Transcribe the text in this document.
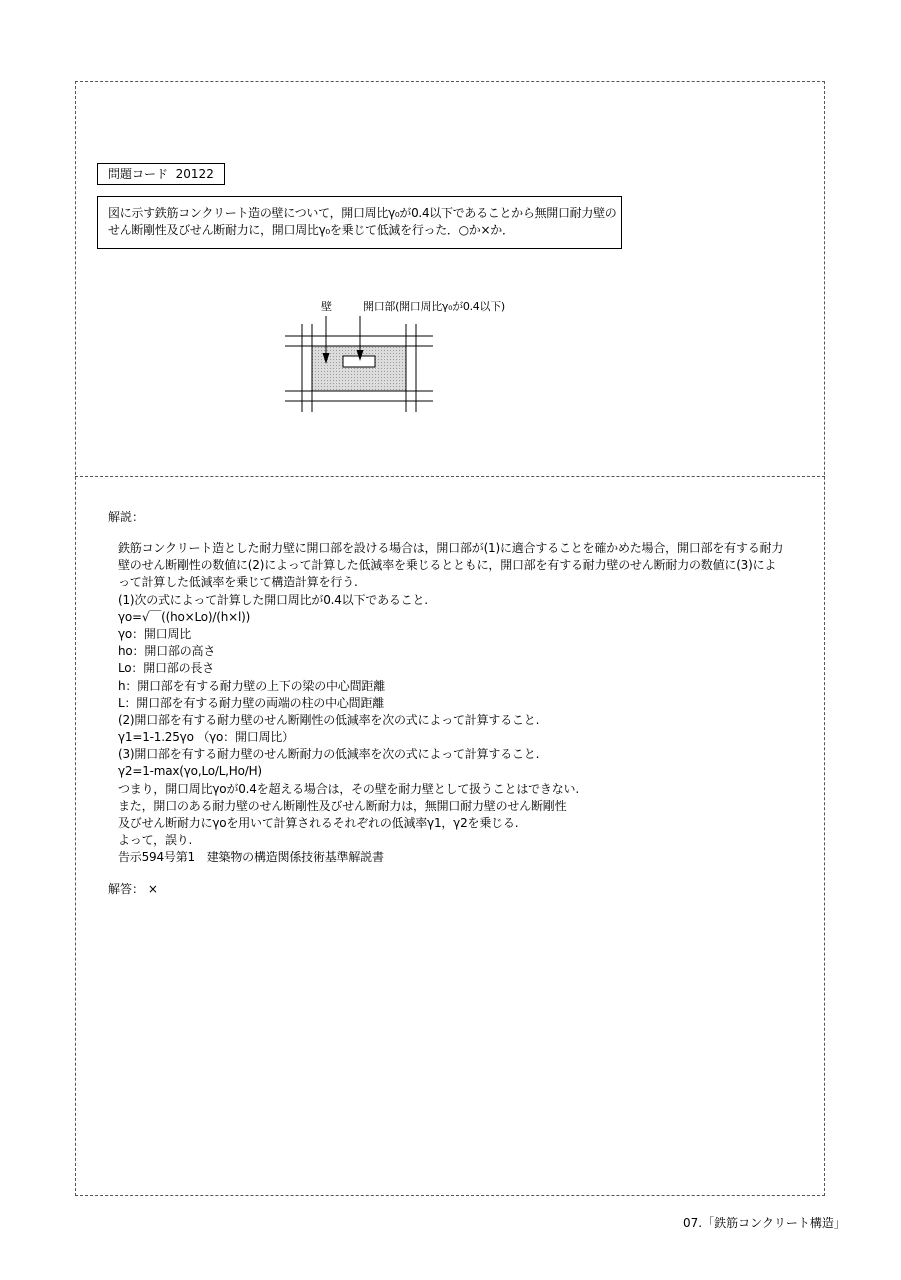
問題コード 20122
図に示す鉄筋コンクリート造の壁について，開口周比γ₀が0.4以下であることから無開口耐力壁の
せん断剛性及びせん断耐力に，開口周比γ₀を乗じて低減を行った．○か×か．
壁	開口部(開口周比γ₀が0.4以下)
解説：
鉄筋コンクリート造とした耐力壁に開口部を設ける場合は，開口部が(1)に適合することを確かめた場合，開口部を有する耐力
壁のせん断剛性の数値に(2)によって計算した低減率を乗じるとともに，開口部を有する耐力壁のせん断耐力の数値に(3)によ
って計算した低減率を乗じて構造計算を行う.
(1)次の式によって計算した開口周比が0.4以下であること.
γo=√￣((ho×Lo)/(h×l))
γo：開口周比
ho：開口部の高さ
Lo：開口部の長さ
h：開口部を有する耐力壁の上下の梁の中心間距離
L：開口部を有する耐力壁の両端の柱の中心間距離
(2)開口部を有する耐力壁のせん断剛性の低減率を次の式によって計算すること.
γ1=1-1.25γo （γo：開口周比）
(3)開口部を有する耐力壁のせん断耐力の低減率を次の式によって計算すること.
γ2=1-max(γo,Lo/L,Ho/H)
つまり，開口周比γoが0.4を超える場合は，その壁を耐力壁として扱うことはできない.
また，開口のある耐力壁のせん断剛性及びせん断耐力は，無開口耐力壁のせん断剛性
及びせん断耐力にγoを用いて計算されるそれぞれの低減率γ1，γ2を乗じる.
よって，誤り.
告示594号第1　建築物の構造関係技術基準解説書
解答： ×
07.「鉄筋コンクリート構造」
